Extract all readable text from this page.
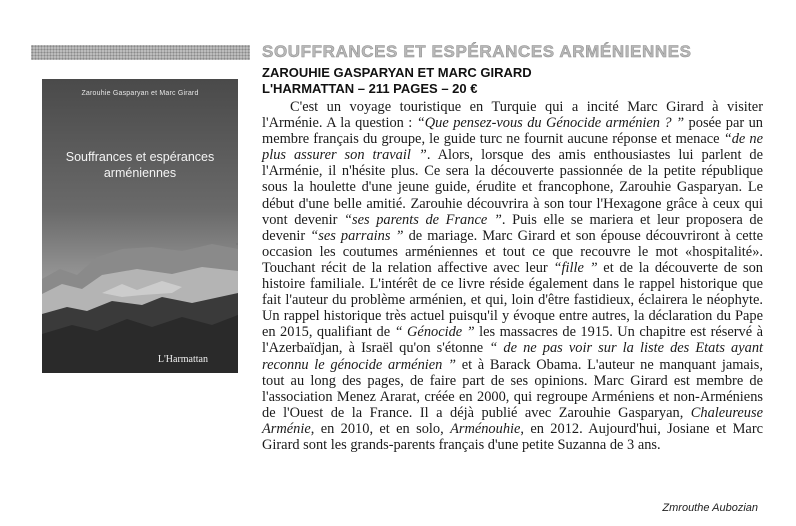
Zarouhie Gasparyan et Marc Girard
Souffrances et espérances
arméniennes
L'Harmattan
SOUFFRANCES ET ESPÉRANCES ARMÉNIENNES
ZAROUHIE GASPARYAN ET MARC GIRARD
L'HARMATTAN – 211 PAGES – 20 €

C'est un voyage touristique en Turquie qui a incité Marc Girard à visiter l'Arménie. A la question : “Que pensez-vous du Génocide arménien ? ” posée par un membre français du groupe, le guide turc ne fournit aucune réponse et menace “de ne plus assurer son travail ”. Alors, lorsque des amis enthousiastes lui parlent de l'Arménie, il n'hésite plus. Ce sera la découverte passionnée de la petite république sous la houlette d'une jeune guide, érudite et francophone, Zarouhie Gasparyan. Le début d'une belle amitié. Zarouhie découvrira à son tour l'Hexagone grâce à ceux qui vont devenir “ses parents de France ”. Puis elle se mariera et leur proposera de devenir “ses parrains ” de mariage. Marc Girard et son épouse découvriront à cette occasion les coutumes arméniennes et tout ce que recouvre le mot «hospitalité». Touchant récit de la relation affective avec leur “fille ” et de la découverte de son histoire familiale. L'intérêt de ce livre réside également dans le rappel historique que fait l'auteur du problème arménien, et qui, loin d'être fastidieux, éclairera le néophyte. Un rappel historique très actuel puisqu'il y évoque entre autres, la déclaration du Pape en 2015, qualifiant de “ Génocide ” les massacres de 1915. Un chapitre est réservé à l'Azerbaïdjan, à Israël qu'on s'étonne “ de ne pas voir sur la liste des Etats ayant reconnu le génocide arménien ” et à Barack Obama. L'auteur ne manquant jamais, tout au long des pages, de faire part de ses opinions. Marc Girard est membre de l'association Menez Ararat, créée en 2000, qui regroupe Arméniens et non-Arméniens de l'Ouest de la France. Il a déjà publié avec Zarouhie Gasparyan, Chaleureuse Arménie, en 2010, et en solo, Arménouhie, en 2012. Aujourd'hui, Josiane et Marc Girard sont les grands-parents français d'une petite Suzanna de 3 ans.

Zmrouthe Aubozian
